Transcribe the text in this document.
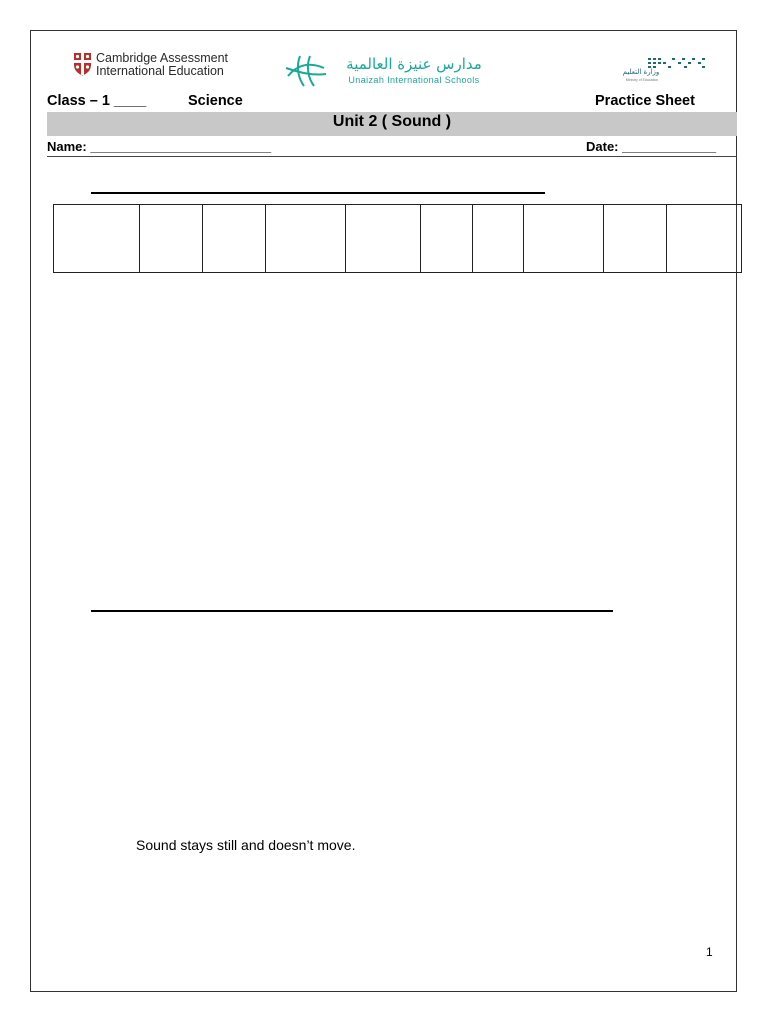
Cambridge Assessment
International Education	مدارس عنيزة العالمية
Unaizah International Schools
وزارة التعليم
Ministry of Education
Class – 1 ____	Science	Practice Sheet
Unit 2 ( Sound )
Name: _________________________	Date: _____________

Sound stays still and doesn’t move.
1
